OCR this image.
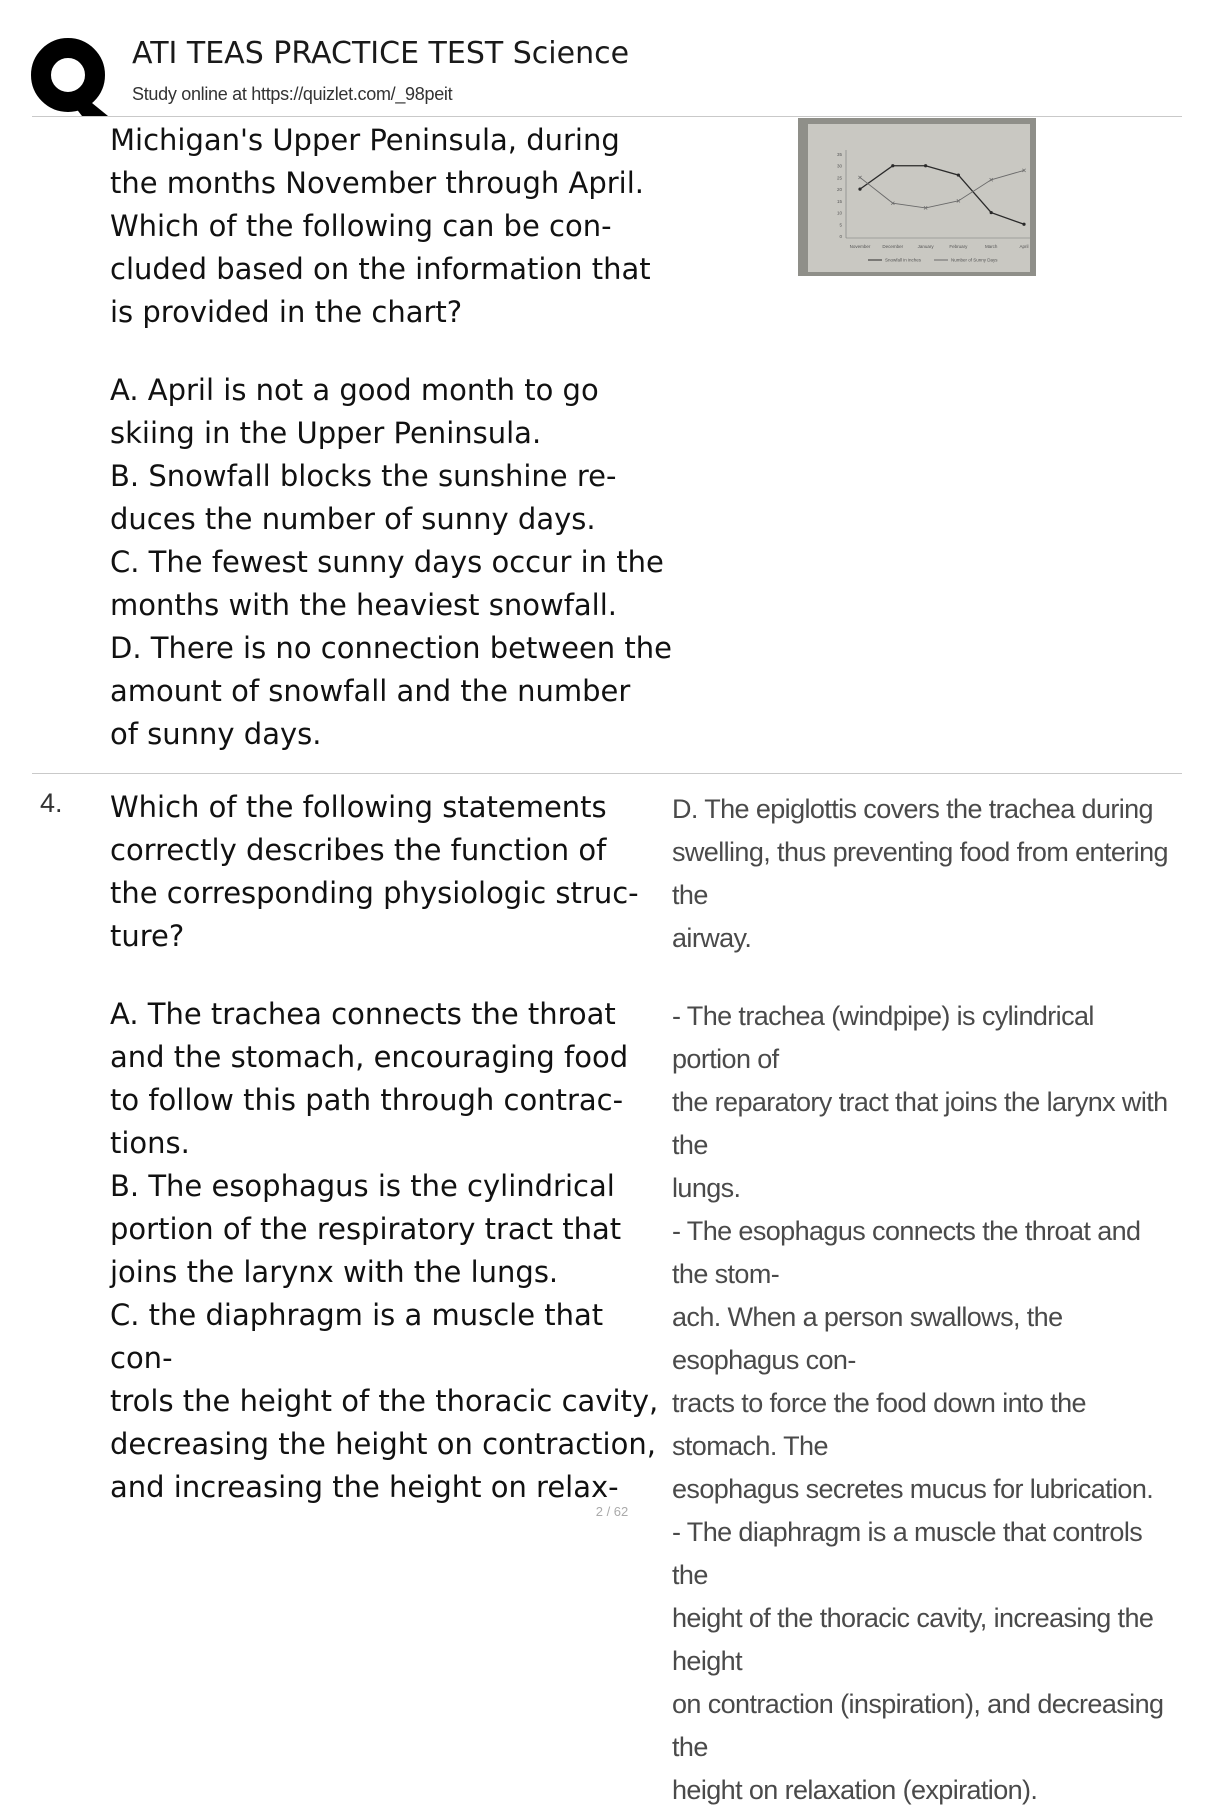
ATI TEAS PRACTICE TEST Science
Study online at https://quizlet.com/_98peit

Michigan's Upper Peninsula, during

the months November through April.

Which of the following can be con-

cluded based on the information that

is provided in the chart?

A. April is not a good month to go

skiing in the Upper Peninsula.

B. Snowfall blocks the sunshine re-

duces the number of sunny days.

C. The fewest sunny days occur in the

months with the heaviest snowfall.

D. There is no connection between the

amount of snowfall and the number

of sunny days.

0
5
10
15
20
25
30
35
November	December	January	February	March	April
Snowfall in inches	Number of Sunny Days
4. Which of the following statements

correctly describes the function of

the corresponding physiologic struc-

ture?

A. The trachea connects the throat

and the stomach, encouraging food

to follow this path through contrac-

tions.

B. The esophagus is the cylindrical

portion of the respiratory tract that

joins the larynx with the lungs.

C. the diaphragm is a muscle that con-

trols the height of the thoracic cavity,

decreasing the height on contraction,

and increasing the height on relax-

D. The epiglottis covers the trachea during

swelling, thus preventing food from entering the

airway.

- The trachea (windpipe) is cylindrical portion of

the reparatory tract that joins the larynx with the

lungs.

- The esophagus connects the throat and the stom-

ach. When a person swallows, the esophagus con-

tracts to force the food down into the stomach. The

esophagus secretes mucus for lubrication.

- The diaphragm is a muscle that controls the

height of the thoracic cavity, increasing the height

on contraction (inspiration), and decreasing the

height on relaxation (expiration).

2 / 62
